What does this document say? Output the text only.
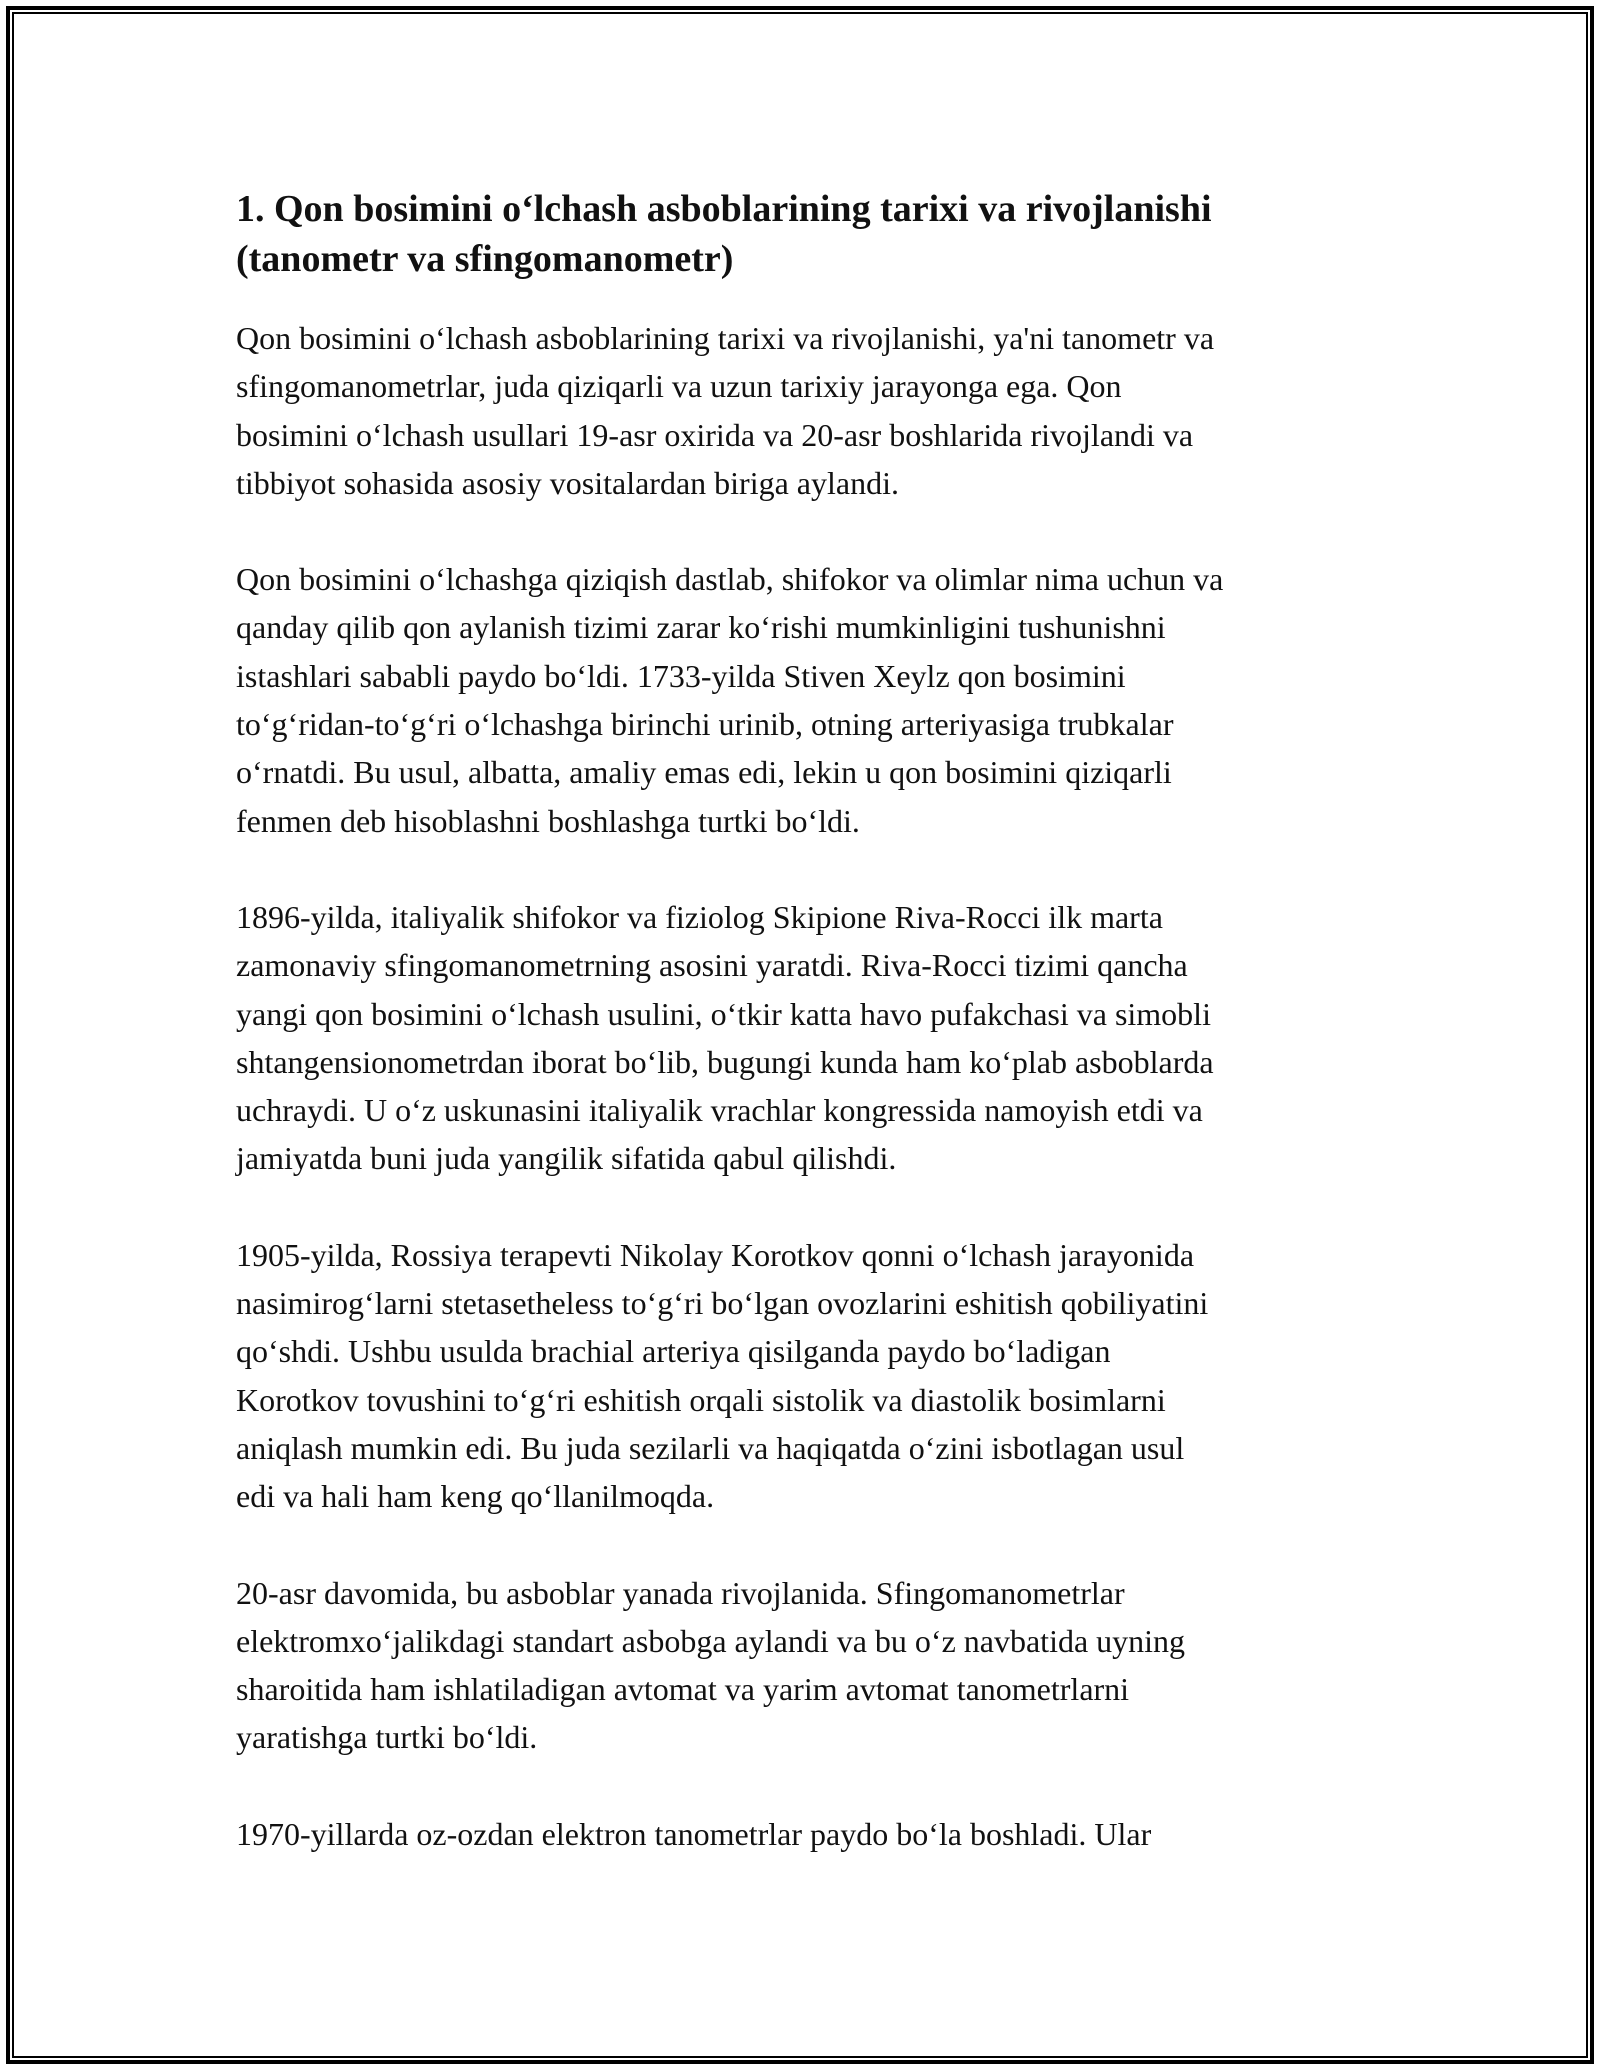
1. Qon bosimini o‘lchash asboblarining tarixi va rivojlanishi
(tanometr va sfingomanometr)

Qon bosimini o‘lchash asboblarining tarixi va rivojlanishi, ya'ni tanometr va
sfingomanometrlar, juda qiziqarli va uzun tarixiy jarayonga ega. Qon
bosimini o‘lchash usullari 19-asr oxirida va 20-asr boshlarida rivojlandi va
tibbiyot sohasida asosiy vositalardan biriga aylandi.

Qon bosimini o‘lchashga qiziqish dastlab, shifokor va olimlar nima uchun va
qanday qilib qon aylanish tizimi zarar ko‘rishi mumkinligini tushunishni
istashlari sababli paydo bo‘ldi. 1733-yilda Stiven Xeylz qon bosimini
to‘g‘ridan-to‘g‘ri o‘lchashga birinchi urinib, otning arteriyasiga trubkalar
o‘rnatdi. Bu usul, albatta, amaliy emas edi, lekin u qon bosimini qiziqarli
fenmen deb hisoblashni boshlashga turtki bo‘ldi.

1896-yilda, italiyalik shifokor va fiziolog Skipione Riva-Rocci ilk marta
zamonaviy sfingomanometrning asosini yaratdi. Riva-Rocci tizimi qancha
yangi qon bosimini o‘lchash usulini, o‘tkir katta havo pufakchasi va simobli
shtangensionometrdan iborat bo‘lib, bugungi kunda ham ko‘plab asboblarda
uchraydi. U o‘z uskunasini italiyalik vrachlar kongressida namoyish etdi va
jamiyatda buni juda yangilik sifatida qabul qilishdi.

1905-yilda, Rossiya terapevti Nikolay Korotkov qonni o‘lchash jarayonida
nasimirog‘larni stetasetheless to‘g‘ri bo‘lgan ovozlarini eshitish qobiliyatini
qo‘shdi. Ushbu usulda brachial arteriya qisilganda paydo bo‘ladigan
Korotkov tovushini to‘g‘ri eshitish orqali sistolik va diastolik bosimlarni
aniqlash mumkin edi. Bu juda sezilarli va haqiqatda o‘zini isbotlagan usul
edi va hali ham keng qo‘llanilmoqda.

20-asr davomida, bu asboblar yanada rivojlanida. Sfingomanometrlar
elektromxo‘jalikdagi standart asbobga aylandi va bu o‘z navbatida uyning
sharoitida ham ishlatiladigan avtomat va yarim avtomat tanometrlarni
yaratishga turtki bo‘ldi.

1970-yillarda oz-ozdan elektron tanometrlar paydo bo‘la boshladi. Ular
